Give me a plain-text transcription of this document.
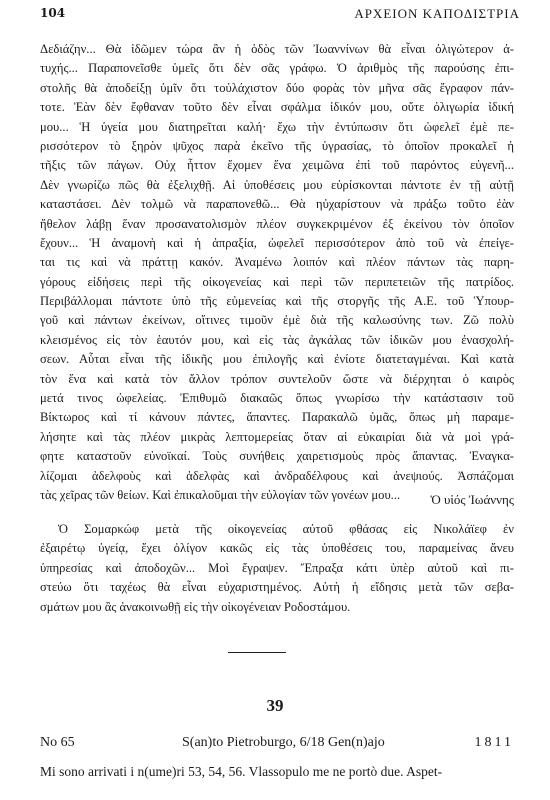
104	ΑΡΧΕΙΟΝ ΚΑΠΟΔΙΣΤΡΙΑ
Δεδιάζην... Θὰ ἰδῶμεν τώρα ἂν ἡ ὁδὸς τῶν Ἰωαννίνων θὰ εἶναι ὀλιγώτερον ἀ-
τυχής... Παραπονεῖσθε ὑμεῖς ὅτι δὲν σᾶς γράφω. Ὁ ἀριθμὸς τῆς παρούσης ἐπι-
στολῆς θὰ ἀποδείξῃ ὑμῖν ὅτι τοὐλάχιστον δύο φορὰς τὸν μῆνα σᾶς ἔγραφον πάν-
τοτε. Ἐὰν δὲν ἔφθαναν τοῦτο δὲν εἶναι σφάλμα ἰδικόν μου, οὔτε ὀλιγωρία ἰδική
μου... Ἡ ὑγεία μου διατηρεῖται καλή· ἔχω τὴν ἐντύπωσιν ὅτι ὠφελεῖ ἐμὲ πε-
ρισσότερον τὸ ξηρὸν ψῦχος παρὰ ἐκεῖνο τῆς ὑγρασίας, τὸ ὁποῖον προκαλεῖ ἡ
τῆξις τῶν πάγων. Οὐχ ἧττον ἔχομεν ἕνα χειμῶνα ἐπὶ τοῦ παρόντος εὐγενῆ...
Δὲν γνωρίζω πῶς θὰ ἐξελιχθῇ. Αἱ ὑποθέσεις μου εὑρίσκονται πάντοτε ἐν τῇ αὐτῇ
καταστάσει. Δὲν τολμῶ νὰ παραπονεθῶ... Θὰ ηὐχαρίστουν νὰ πράξω τοῦτο ἐὰν
ἤθελον λάβῃ ἕναν προσανατολισμὸν πλέον συγκεκριμένον ἐξ ἐκείνου τὸν ὁποῖον
ἔχουν... Ἡ ἀναμονὴ καὶ ἡ ἀπραξία, ὠφελεῖ περισσότερον ἀπὸ τοῦ νὰ ἐπείγε-
ται τις καὶ νὰ πράττῃ κακόν. Ἀναμένω λοιπόν καὶ πλέον πάντων τὰς παρη-
γόρους εἰδήσεις περὶ τῆς οἰκογενείας καὶ περὶ τῶν περιπετειῶν τῆς πατρίδος.
Περιβάλλομαι πάντοτε ὑπὸ τῆς εὐμενείας καὶ τῆς στοργῆς τῆς Α.Ε. τοῦ Ὑπουρ-
γοῦ καὶ πάντων ἐκείνων, οἵτινες τιμοῦν ἐμὲ διὰ τῆς καλωσύνης των. Ζῶ πολὺ
κλεισμένος εἰς τὸν ἑαυτόν μου, καὶ εἰς τὰς ἀγκάλας τῶν ἰδικῶν μου ἐνασχολή-
σεων. Αὗται εἶναι τῆς ἰδικῆς μου ἐπιλογῆς καὶ ἐνίοτε διατεταγμέναι. Καὶ κατὰ
τὸν ἕνα καὶ κατὰ τὸν ἄλλον τρόπον συντελοῦν ὥστε νὰ διέρχηται ὁ καιρὸς
μετά τινος ὠφελείας. Ἐπιθυμῶ διακαῶς ὅπως γνωρίσω τὴν κατάστασιν τοῦ
Βίκτωρος καὶ τί κάνουν πάντες, ἅπαντες. Παρακαλῶ ὑμᾶς, ὅπως μὴ παραμε-
λήσητε καὶ τὰς πλέον μικρὰς λεπτομερείας ὅταν αἱ εὐκαιρίαι διὰ νὰ μοὶ γρά-
φητε καταστοῦν εὐνοϊκαί. Τοὺς συνήθεις χαιρετισμοὺς πρὸς ἅπαντας. Ἐναγκα-
λίζομαι ἀδελφοὺς καὶ ἀδελφὰς καὶ ἀνδραδέλφους καὶ ἀνεψιούς. Ἀσπάζομαι
τὰς χεῖρας τῶν θείων. Καὶ ἐπικαλοῦμαι τὴν εὐλογίαν τῶν γονέων μου...	Ὁ υἱός Ἰωάννης
Ὁ Σομαρκώφ μετὰ τῆς οἰκογενείας αὐτοῦ φθάσας εἰς Νικολάϊεφ ἐν
ἐξαιρέτῳ ὑγείᾳ, ἔχει ὀλίγον κακῶς εἰς τὰς ὑποθέσεις του, παραμείνας ἄνευ
ὑπηρεσίας καὶ ἀποδοχῶν... Μοὶ ἔγραψεν. Ἔπραξα κάτι ὑπὲρ αὐτοῦ καὶ πι-
στεύω ὅτι ταχέως θὰ εἶναι εὐχαριστημένος. Αὐτὴ ἡ εἴδησις μετὰ τῶν σεβα-
σμάτων μου ἂς ἀνακοινωθῇ εἰς τὴν οἰκογένειαν Ροδοστάμου.
39
No 65	S(an)to Pietroburgo, 6/18 Gen(n)ajo	1811
Mi sono arrivati i n(ume)ri 53, 54, 56. Vlassopulo me ne portò due. Aspet-
